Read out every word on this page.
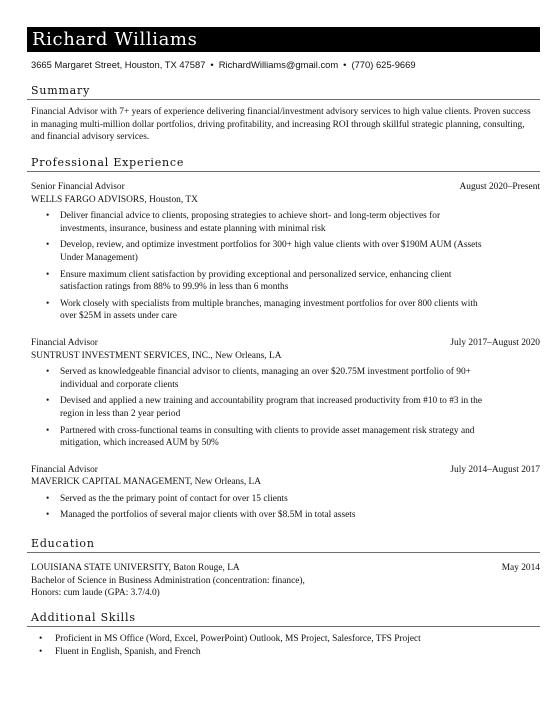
Richard Williams
3665 Margaret Street, Houston, TX 47587 • RichardWilliams@gmail.com • (770) 625-9669
Summary
Financial Advisor with 7+ years of experience delivering financial/investment advisory services to high value clients. Proven success in managing multi-million dollar portfolios, driving profitability, and increasing ROI through skillful strategic planning, consulting, and financial advisory services.
Professional Experience
Senior Financial Advisor	August 2020–Present
WELLS FARGO ADVISORS, Houston, TX
• Deliver financial advice to clients, proposing strategies to achieve short- and long-term objectives for investments, insurance, business and estate planning with minimal risk
• Develop, review, and optimize investment portfolios for 300+ high value clients with over $190M AUM (Assets Under Management)
• Ensure maximum client satisfaction by providing exceptional and personalized service, enhancing client satisfaction ratings from 88% to 99.9% in less than 6 months
• Work closely with specialists from multiple branches, managing investment portfolios for over 800 clients with over $25M in assets under care
Financial Advisor	July 2017–August 2020
SUNTRUST INVESTMENT SERVICES, INC., New Orleans, LA
• Served as knowledgeable financial advisor to clients, managing an over $20.75M investment portfolio of 90+ individual and corporate clients
• Devised and applied a new training and accountability program that increased productivity from #10 to #3 in the region in less than 2 year period
• Partnered with cross-functional teams in consulting with clients to provide asset management risk strategy and mitigation, which increased AUM by 50%
Financial Advisor	July 2014–August 2017
MAVERICK CAPITAL MANAGEMENT, New Orleans, LA
• Served as the the primary point of contact for over 15 clients
• Managed the portfolios of several major clients with over $8.5M in total assets
Education
LOUISIANA STATE UNIVERSITY, Baton Rouge, LA	May 2014
Bachelor of Science in Business Administration (concentration: finance),
Honors: cum laude (GPA: 3.7/4.0)
Additional Skills
• Proficient in MS Office (Word, Excel, PowerPoint) Outlook, MS Project, Salesforce, TFS Project
• Fluent in English, Spanish, and French
